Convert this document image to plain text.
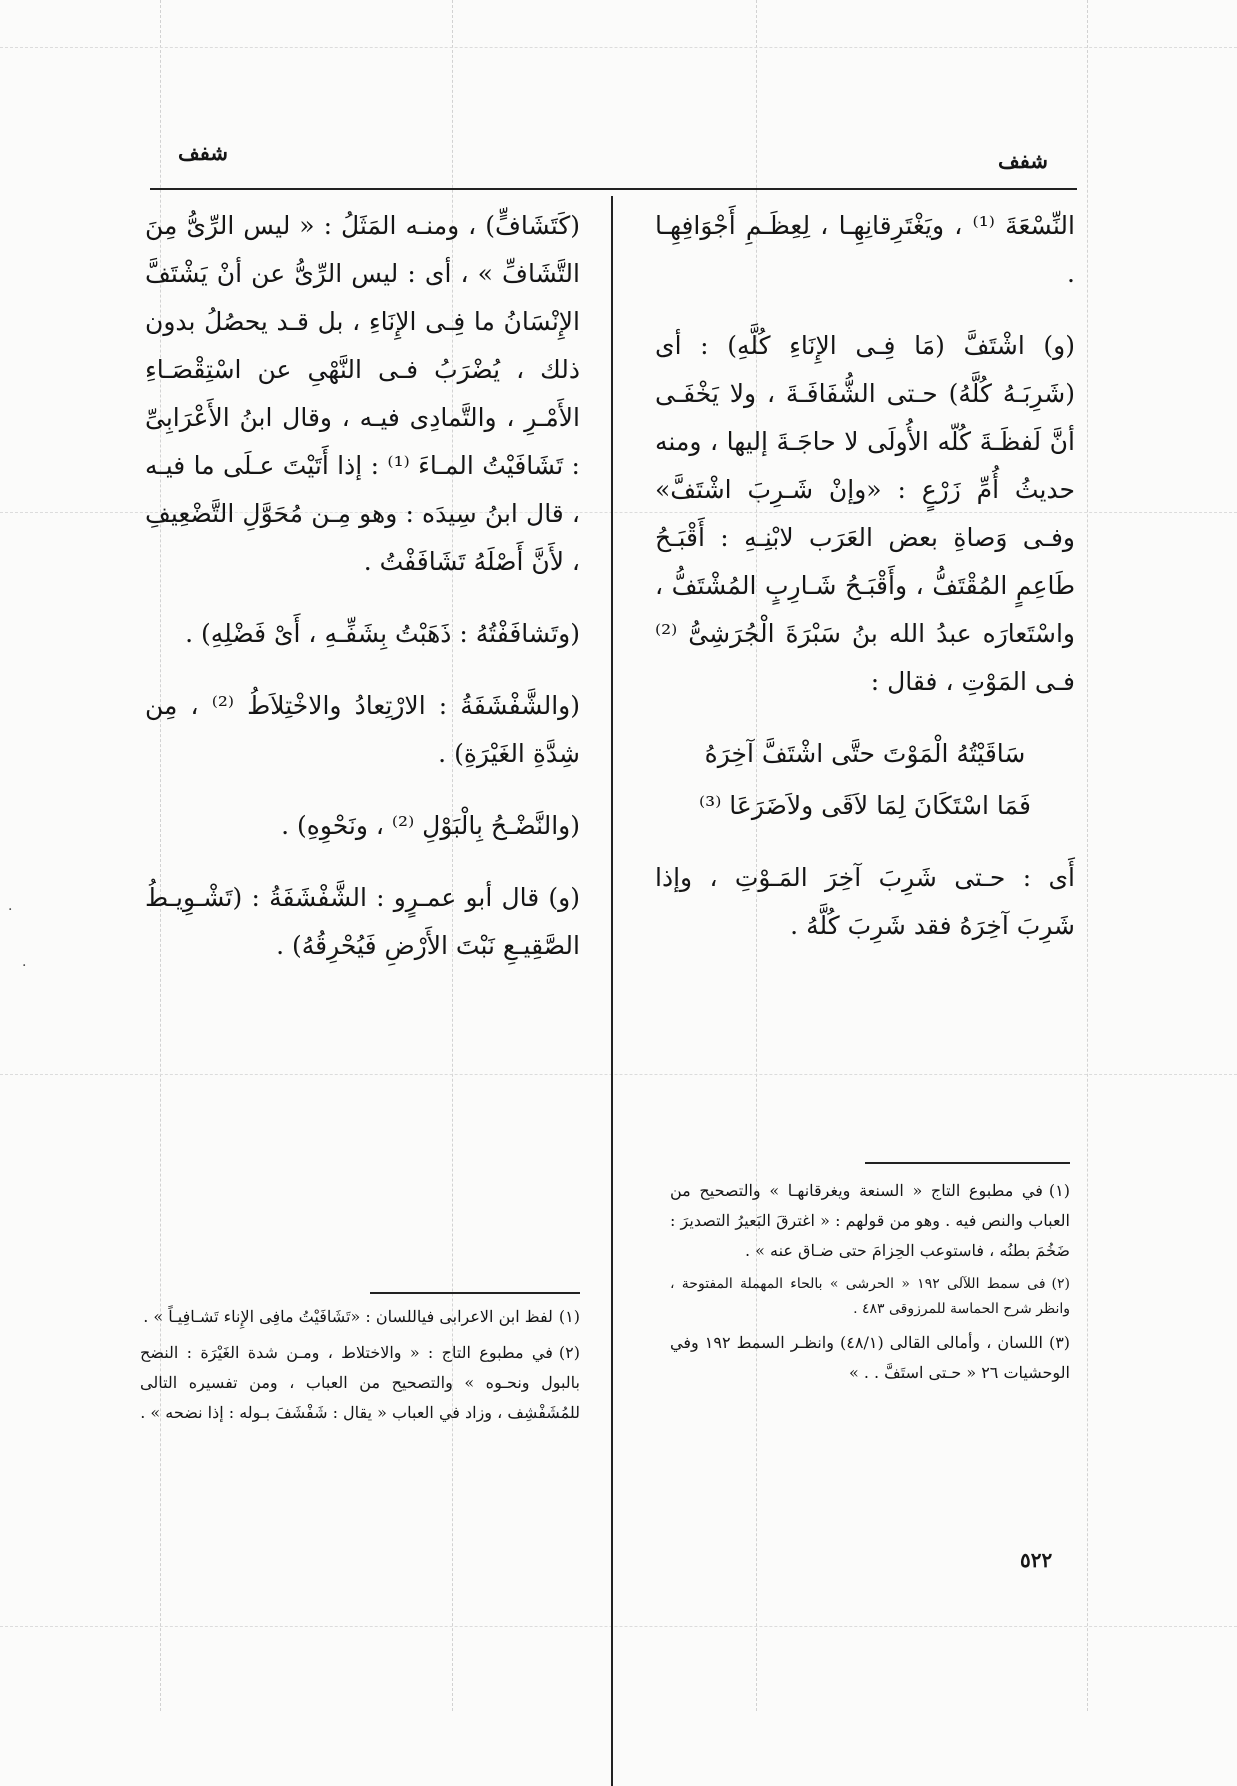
شفف	شفف

النِّسْعَةَ ⁽¹⁾ ، ويَغْتَرِقانِهِـا ، لِعِظَـمِ أَجْوَافِهِـا .

(و) اشْتَفَّ (مَا فِـى الإِنَاءِ كُلَّهِ) : أى (شَرِبَـهُ كُلَّهُ) حـتى الشُّفَافَـةَ ، ولا يَخْفَـى أنَّ لَفظَـةَ كُلّه الأُولَى لا حاجَـةَ إليها ، ومنه حديثُ أُمِّ زَرْعٍ : «وإنْ شَـرِبَ اشْتَفَّ» وفـى وَصاةِ بعض العَرَب لابْنِـهِ : أَقْبَـحُ طَاعِمٍ المُقْتَفُّ ، وأَقْبَـحُ شَـارِبٍ المُشْتَفُّ ، واسْتَعارَه عبدُ الله بنُ سَبْرَةَ الْجُرَشِىُّ ⁽²⁾ فـى المَوْتِ ، فقال :

سَاقَيْتُهُ الْمَوْتَ حتَّى اشْتَفَّ آخِرَهُ

فَمَا اسْتَكَانَ لِمَا لاَقَى ولاَضَرَعَا ⁽³⁾

أَى : حـتى شَرِبَ آخِرَ المَـوْتِ ، وإذا شَرِبَ آخِرَهُ فقد شَرِبَ كُلَّهُ .

(١)في مطبوع التاج « السنعة ويغرقانهـا » والتصحيح من العباب والنص فيه . وهو من قولهم : « اغترقَ البَعيرُ التصديرَ : ضَخُمَ بطنُه ، فاستوعب الحِزامَ حتى ضـاق عنه » .

(٢)فى سمط اللآلى ١٩٢ « الحرشى » بالحاء المهملة المفتوحة ، وانظر شرح الحماسة للمرزوقى ٤٨٣ .

(٣)اللسان ، وأمالى القالى (٤٨/١) وانظـر السمط ١٩٢ وفي الوحشيات ٢٦ « حـتى استَفَّ . . »

(كَتَشَافٍّ) ، ومنـه المَثَلُ : « ليس الرِّىُّ مِنَ التَّشَافِّ » ، أى : ليس الرِّىُّ عن أنْ يَشْتَفَّ الإِنْسَانُ ما فِـى الإِنَاءِ ، بل قـد يحصُلُ بدون ذلك ، يُضْرَبُ فـى النَّهْىِ عن اسْتِقْصَـاءِ الأَمْـرِ ، والتَّمادِى فيـه ، وقال ابنُ الأَعْرَابِىِّ : تَشَافَيْتُ المـاءَ ⁽¹⁾ : إذا أَتَيْتَ عـلَى ما فيـه ، قال ابنُ سِيدَه : وهو مِـن مُحَوَّلِ التَّضْعِيفِ ، لأَنَّ أَصْلَهُ تَشَافَفْتُ .

(وتَشافَفْتُهُ : ذَهَبْتُ بِشَفِّـهِ ، أَىْ فَضْلِهِ) .

(والشَّفْشَفَةُ : الارْتِعادُ والاخْتِلاَطُ ⁽²⁾ ، مِن شِدَّةِ الغَيْرَةِ) .

(والنَّضْـحُ بِالْبَوْلِ ⁽²⁾ ، ونَحْوِهِ) .

(و) قال أبو عمـرٍو : الشَّفْشَفَةُ : (تَشْـوِيـطُ الصَّقِيـعِ نَبْتَ الأَرْضِ فَيُحْرِقُهُ) .

(١)لفظ ابن الاعرابى فياللسان : «تَشَافَيْتُ مافِى الإِناء تَشـافِيـاً » .

(٢)في مطبوع التاج : « والاختلاط ، ومـن شدة الغَيْرَة : النضح بالبول ونحـوه » والتصحيح من العباب ، ومن تفسيره التالى للمُشَفْشِف ، وزاد في العباب « يقال : شَفْشَفَ بـوله : إذا نضحه » .

٥٢٢
·
·
